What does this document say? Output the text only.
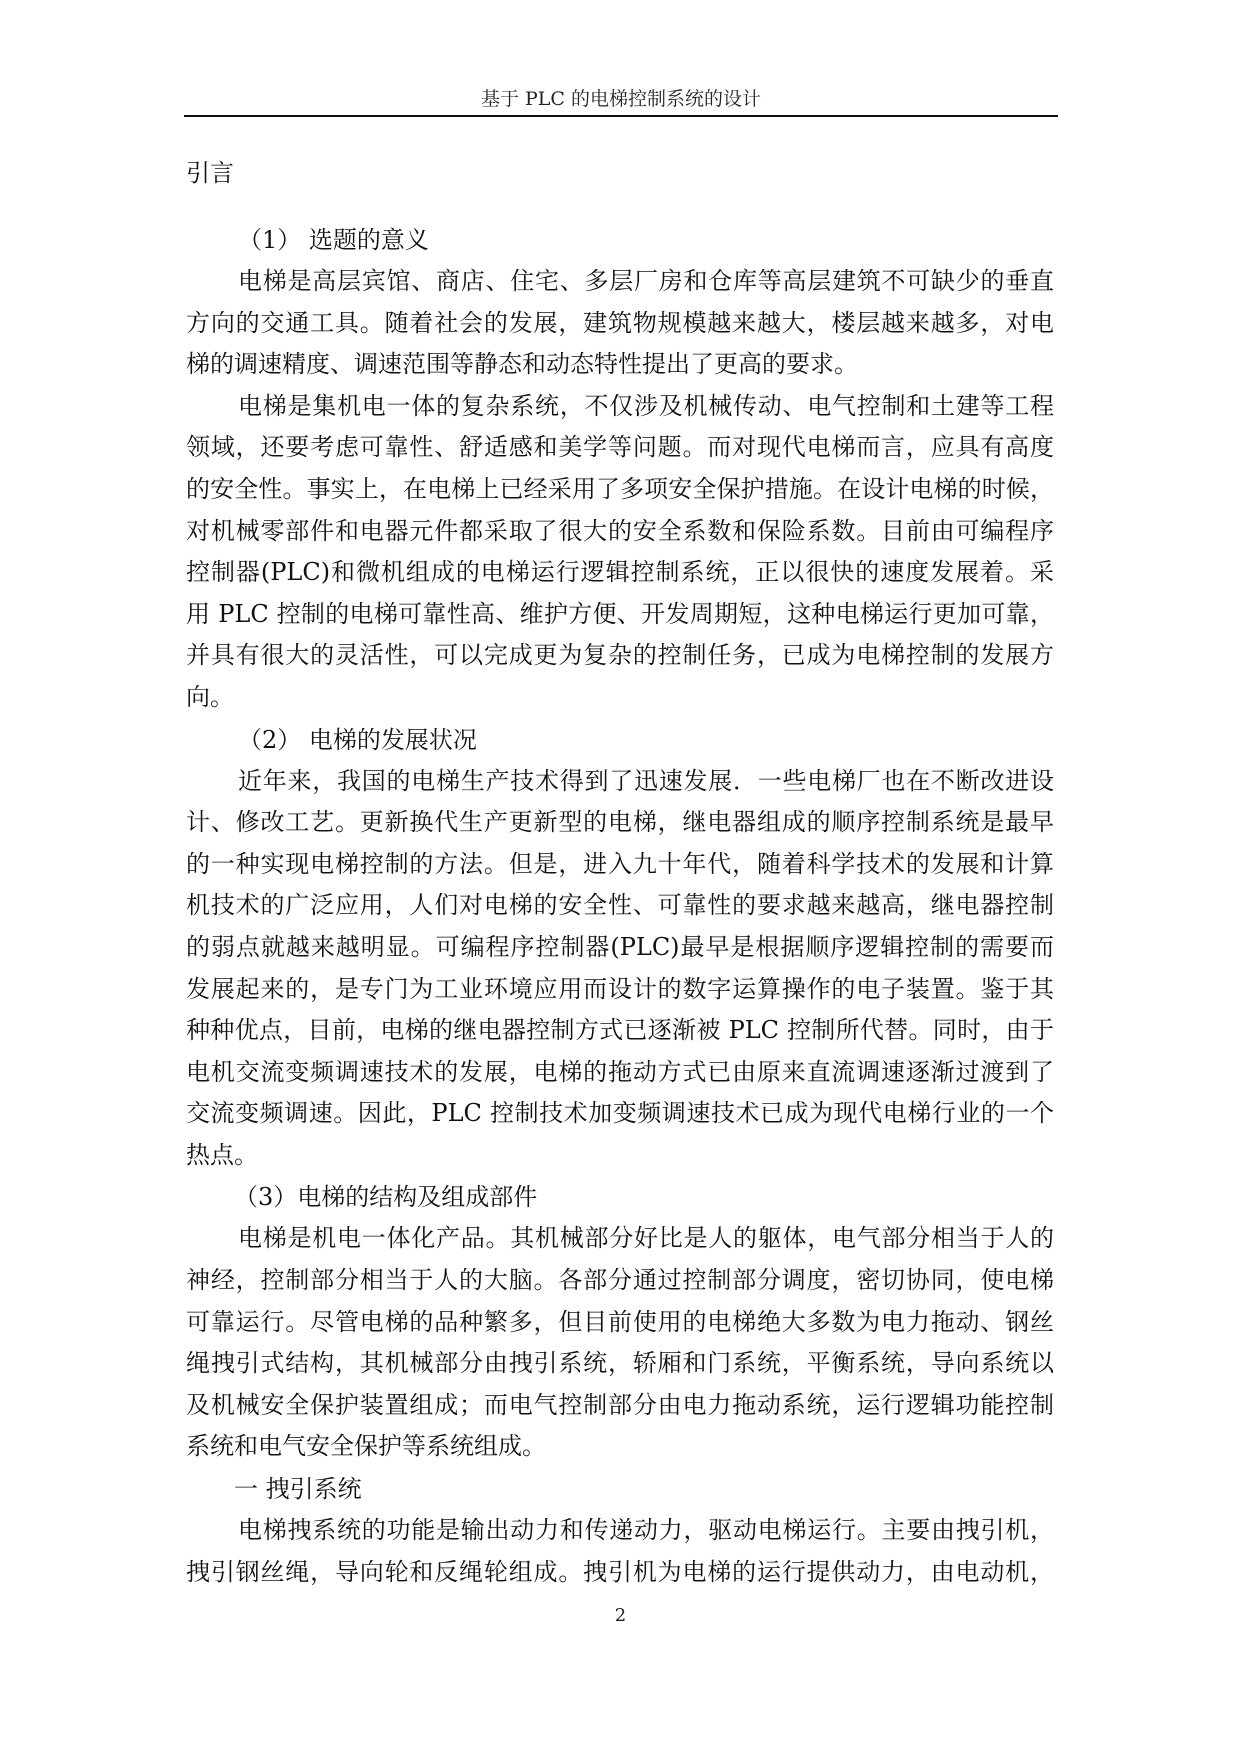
基于 PLC 的电梯控制系统的设计
引言
（1） 选题的意义
电梯是高层宾馆、商店、住宅、多层厂房和仓库等高层建筑不可缺少的垂直
方向的交通工具。随着社会的发展，建筑物规模越来越大，楼层越来越多，对电
梯的调速精度、调速范围等静态和动态特性提出了更高的要求。
电梯是集机电一体的复杂系统，不仅涉及机械传动、电气控制和土建等工程
领域，还要考虑可靠性、舒适感和美学等问题。而对现代电梯而言，应具有高度
的安全性。事实上，在电梯上已经采用了多项安全保护措施。在设计电梯的时候，
对机械零部件和电器元件都采取了很大的安全系数和保险系数。目前由可编程序
控制器(PLC)和微机组成的电梯运行逻辑控制系统，正以很快的速度发展着。采
用 PLC 控制的电梯可靠性高、维护方便、开发周期短，这种电梯运行更加可靠，
并具有很大的灵活性，可以完成更为复杂的控制任务，已成为电梯控制的发展方
向。
（2） 电梯的发展状况
近年来，我国的电梯生产技术得到了迅速发展．一些电梯厂也在不断改进设
计、修改工艺。更新换代生产更新型的电梯，继电器组成的顺序控制系统是最早
的一种实现电梯控制的方法。但是，进入九十年代，随着科学技术的发展和计算
机技术的广泛应用，人们对电梯的安全性、可靠性的要求越来越高，继电器控制
的弱点就越来越明显。可编程序控制器(PLC)最早是根据顺序逻辑控制的需要而
发展起来的，是专门为工业环境应用而设计的数字运算操作的电子装置。鉴于其
种种优点，目前，电梯的继电器控制方式已逐渐被 PLC 控制所代替。同时，由于
电机交流变频调速技术的发展，电梯的拖动方式已由原来直流调速逐渐过渡到了
交流变频调速。因此，PLC 控制技术加变频调速技术已成为现代电梯行业的一个
热点。
（3）电梯的结构及组成部件
电梯是机电一体化产品。其机械部分好比是人的躯体，电气部分相当于人的
神经，控制部分相当于人的大脑。各部分通过控制部分调度，密切协同，使电梯
可靠运行。尽管电梯的品种繁多，但目前使用的电梯绝大多数为电力拖动、钢丝
绳拽引式结构，其机械部分由拽引系统，轿厢和门系统，平衡系统，导向系统以
及机械安全保护装置组成；而电气控制部分由电力拖动系统，运行逻辑功能控制
系统和电气安全保护等系统组成。
一 拽引系统
电梯拽系统的功能是输出动力和传递动力，驱动电梯运行。主要由拽引机，
拽引钢丝绳，导向轮和反绳轮组成。拽引机为电梯的运行提供动力，由电动机，
2
